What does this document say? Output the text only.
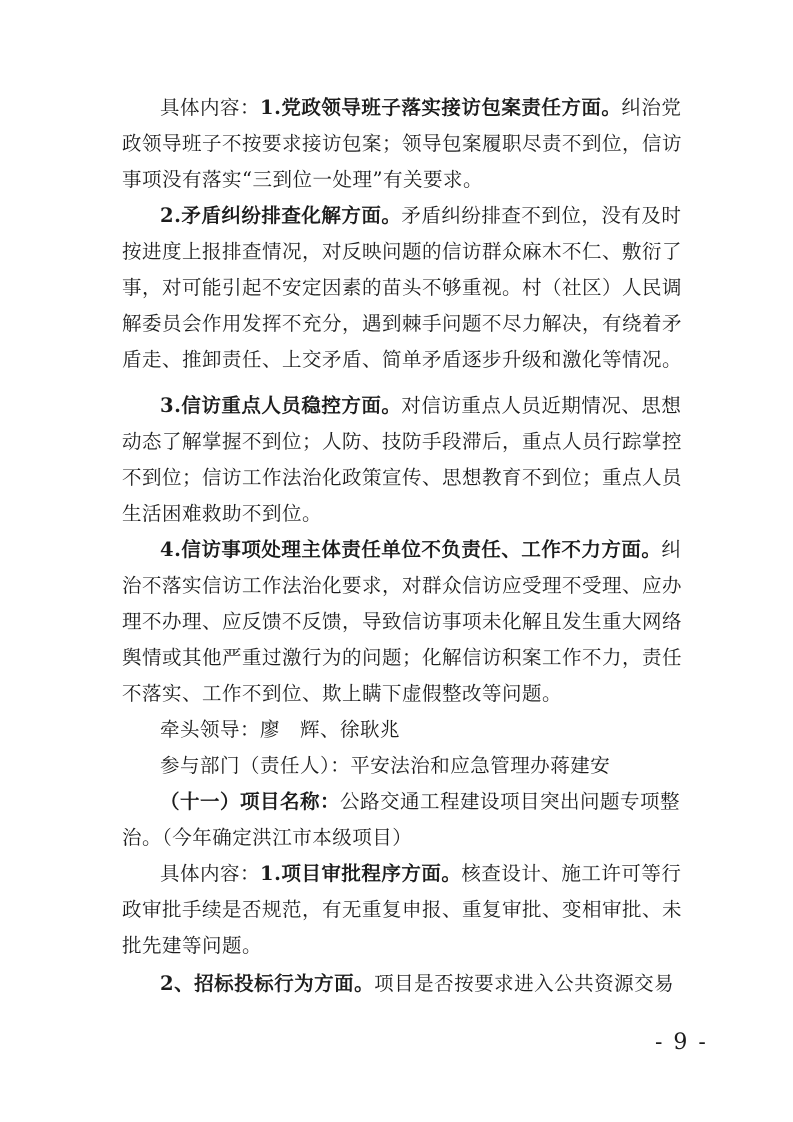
具体内容：1.党政领导班子落实接访包案责任方面。纠治党
政领导班子不按要求接访包案；领导包案履职尽责不到位，信访
事项没有落实“三到位一处理”有关要求。
2.矛盾纠纷排查化解方面。矛盾纠纷排查不到位，没有及时
按进度上报排查情况，对反映问题的信访群众麻木不仁、敷衍了
事，对可能引起不安定因素的苗头不够重视。村（社区）人民调
解委员会作用发挥不充分，遇到棘手问题不尽力解决，有绕着矛
盾走、推卸责任、上交矛盾、简单矛盾逐步升级和激化等情况。
3.信访重点人员稳控方面。对信访重点人员近期情况、思想
动态了解掌握不到位；人防、技防手段滞后，重点人员行踪掌控
不到位；信访工作法治化政策宣传、思想教育不到位；重点人员
生活困难救助不到位。
4.信访事项处理主体责任单位不负责任、工作不力方面。纠
治不落实信访工作法治化要求，对群众信访应受理不受理、应办
理不办理、应反馈不反馈，导致信访事项未化解且发生重大网络
舆情或其他严重过激行为的问题；化解信访积案工作不力，责任
不落实、工作不到位、欺上瞒下虚假整改等问题。
牵头领导：廖　辉、徐耿兆
参与部门（责任人）：平安法治和应急管理办蒋建安
（十一）项目名称：公路交通工程建设项目突出问题专项整
治。（今年确定洪江市本级项目）
具体内容：1.项目审批程序方面。核查设计、施工许可等行
政审批手续是否规范，有无重复申报、重复审批、变相审批、未
批先建等问题。
2、招标投标行为方面。项目是否按要求进入公共资源交易
- 9 -
